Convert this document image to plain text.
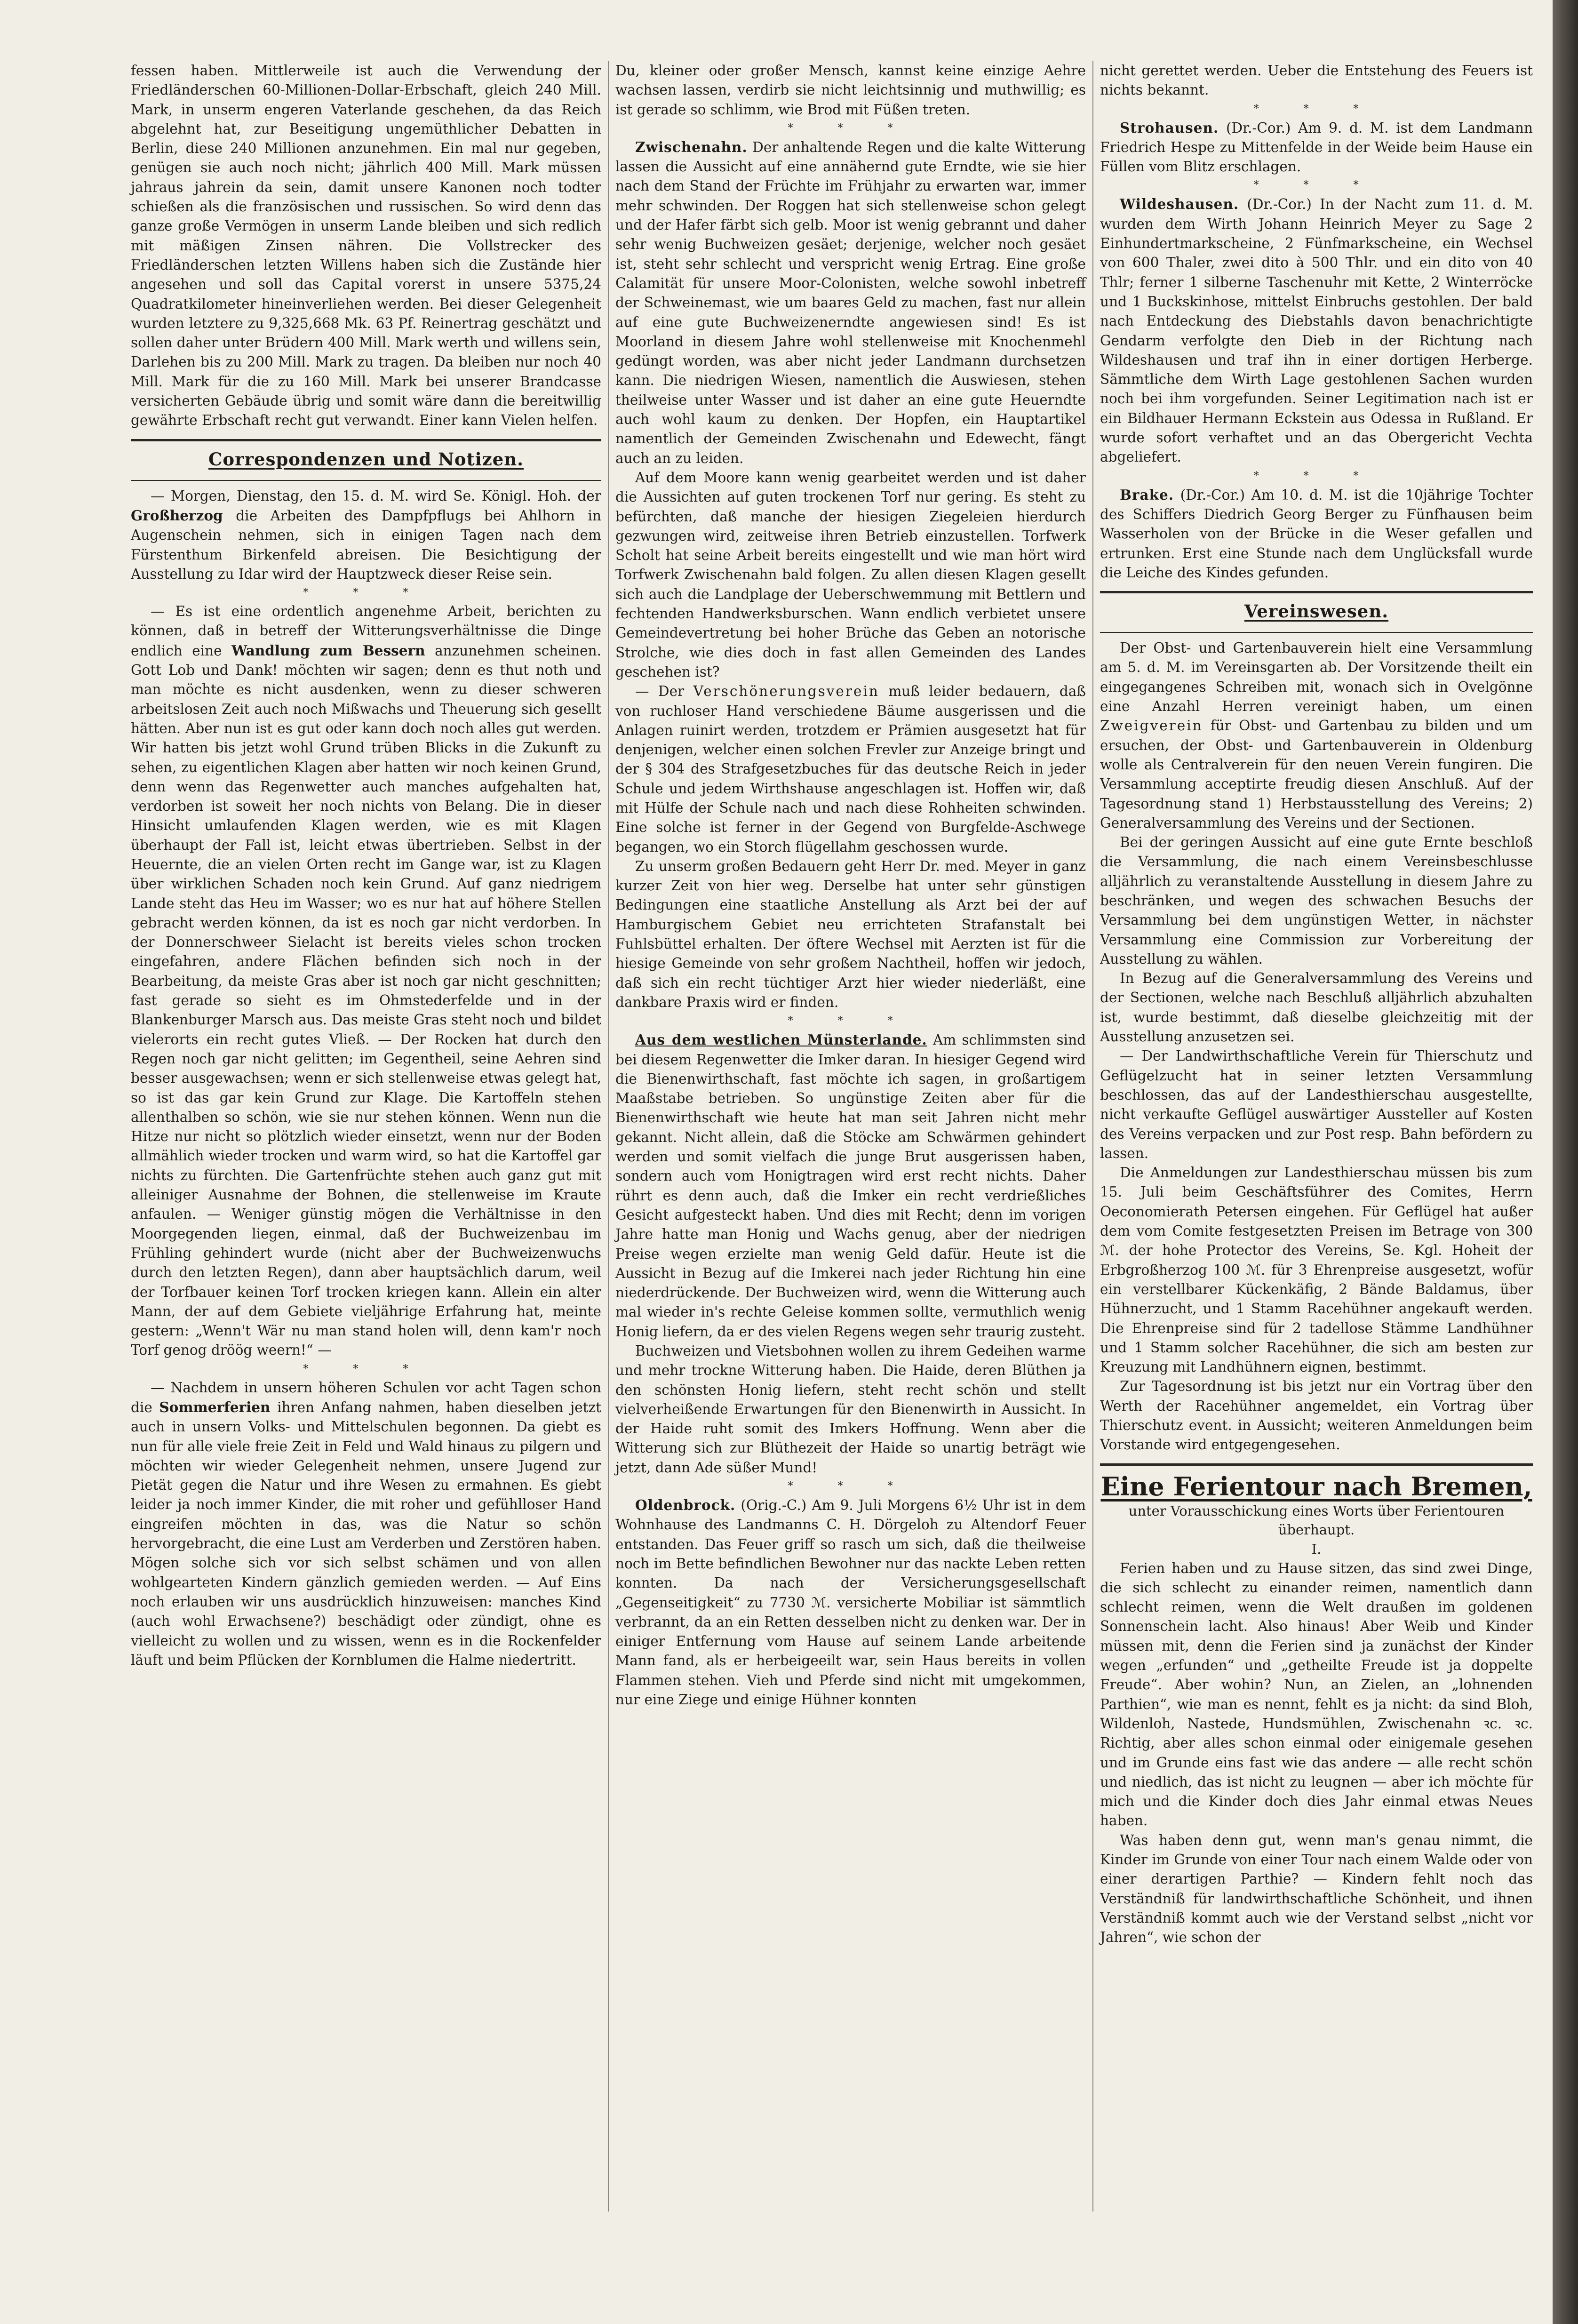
fessen haben. Mittlerweile ist auch die Verwendung der Friedländerschen 60-Millionen-Dollar-Erbschaft, gleich 240 Mill. Mark, in unserm engeren Vaterlande geschehen, da das Reich abgelehnt hat, zur Beseitigung ungemüthlicher Debatten in Berlin, diese 240 Millionen anzunehmen. Ein mal nur gegeben, genügen sie auch noch nicht; jährlich 400 Mill. Mark müssen jahraus jahrein da sein, damit unsere Kanonen noch todter schießen als die französischen und russischen. So wird denn das ganze große Vermögen in unserm Lande bleiben und sich redlich mit mäßigen Zinsen nähren. Die Vollstrecker des Friedländerschen letzten Willens haben sich die Zustände hier angesehen und soll das Capital vorerst in unsere 5375,24 Quadratkilometer hineinverliehen werden. Bei dieser Gelegenheit wurden letztere zu 9,325,668 Mk. 63 Pf. Reinertrag geschätzt und sollen daher unter Brüdern 400 Mill. Mark werth und willens sein, Darlehen bis zu 200 Mill. Mark zu tragen. Da bleiben nur noch 40 Mill. Mark für die zu 160 Mill. Mark bei unserer Brandcasse versicherten Gebäude übrig und somit wäre dann die bereitwillig gewährte Erbschaft recht gut verwandt. Einer kann Vielen helfen.

Correspondenzen und Notizen.

— Morgen, Dienstag, den 15. d. M. wird Se. Königl. Hoh. der Großherzog die Arbeiten des Dampfpflugs bei Ahlhorn in Augenschein nehmen, sich in einigen Tagen nach dem Fürstenthum Birkenfeld abreisen. Die Besichtigung der Ausstellung zu Idar wird der Hauptzweck dieser Reise sein.

* * *

— Es ist eine ordentlich angenehme Arbeit, berichten zu können, daß in betreff der Witterungsverhältnisse die Dinge endlich eine Wandlung zum Bessern anzunehmen scheinen. Gott Lob und Dank! möchten wir sagen; denn es thut noth und man möchte es nicht ausdenken, wenn zu dieser schweren arbeitslosen Zeit auch noch Mißwachs und Theuerung sich gesellt hätten. Aber nun ist es gut oder kann doch noch alles gut werden. Wir hatten bis jetzt wohl Grund trüben Blicks in die Zukunft zu sehen, zu eigentlichen Klagen aber hatten wir noch keinen Grund, denn wenn das Regenwetter auch manches aufgehalten hat, verdorben ist soweit her noch nichts von Belang. Die in dieser Hinsicht umlaufenden Klagen werden, wie es mit Klagen überhaupt der Fall ist, leicht etwas übertrieben. Selbst in der Heuernte, die an vielen Orten recht im Gange war, ist zu Klagen über wirklichen Schaden noch kein Grund. Auf ganz niedrigem Lande steht das Heu im Wasser; wo es nur hat auf höhere Stellen gebracht werden können, da ist es noch gar nicht verdorben. In der Donnerschweer Sielacht ist bereits vieles schon trocken eingefahren, andere Flächen befinden sich noch in der Bearbeitung, da meiste Gras aber ist noch gar nicht geschnitten; fast gerade so sieht es im Ohmstederfelde und in der Blankenburger Marsch aus. Das meiste Gras steht noch und bildet vielerorts ein recht gutes Vließ. — Der Rocken hat durch den Regen noch gar nicht gelitten; im Gegentheil, seine Aehren sind besser ausgewachsen; wenn er sich stellenweise etwas gelegt hat, so ist das gar kein Grund zur Klage. Die Kartoffeln stehen allenthalben so schön, wie sie nur stehen können. Wenn nun die Hitze nur nicht so plötzlich wieder einsetzt, wenn nur der Boden allmählich wieder trocken und warm wird, so hat die Kartoffel gar nichts zu fürchten. Die Gartenfrüchte stehen auch ganz gut mit alleiniger Ausnahme der Bohnen, die stellenweise im Kraute anfaulen. — Weniger günstig mögen die Verhältnisse in den Moorgegenden liegen, einmal, daß der Buchweizenbau im Frühling gehindert wurde (nicht aber der Buchweizenwuchs durch den letzten Regen), dann aber hauptsächlich darum, weil der Torfbauer keinen Torf trocken kriegen kann. Allein ein alter Mann, der auf dem Gebiete vieljährige Erfahrung hat, meinte gestern: „Wenn't Wär nu man stand holen will, denn kam'r noch Torf genog dröög weern!“ —

* * *

— Nachdem in unsern höheren Schulen vor acht Tagen schon die Sommerferien ihren Anfang nahmen, haben dieselben jetzt auch in unsern Volks- und Mittelschulen begonnen. Da giebt es nun für alle viele freie Zeit in Feld und Wald hinaus zu pilgern und möchten wir wieder Gelegenheit nehmen, unsere Jugend zur Pietät gegen die Natur und ihre Wesen zu ermahnen. Es giebt leider ja noch immer Kinder, die mit roher und gefühlloser Hand eingreifen möchten in das, was die Natur so schön hervorgebracht, die eine Lust am Verderben und Zerstören haben. Mögen solche sich vor sich selbst schämen und von allen wohlgearteten Kindern gänzlich gemieden werden. — Auf Eins noch erlauben wir uns ausdrücklich hinzuweisen: manches Kind (auch wohl Erwachsene?) beschädigt oder zündigt, ohne es vielleicht zu wollen und zu wissen, wenn es in die Rockenfelder läuft und beim Pflücken der Kornblumen die Halme niedertritt.

Du, kleiner oder großer Mensch, kannst keine einzige Aehre wachsen lassen, verdirb sie nicht leichtsinnig und muthwillig; es ist gerade so schlimm, wie Brod mit Füßen treten.

* * *

Zwischenahn. Der anhaltende Regen und die kalte Witterung lassen die Aussicht auf eine annähernd gute Erndte, wie sie hier nach dem Stand der Früchte im Frühjahr zu erwarten war, immer mehr schwinden. Der Roggen hat sich stellenweise schon gelegt und der Hafer färbt sich gelb. Moor ist wenig gebrannt und daher sehr wenig Buchweizen gesäet; derjenige, welcher noch gesäet ist, steht sehr schlecht und verspricht wenig Ertrag. Eine große Calamität für unsere Moor-Colonisten, welche sowohl inbetreff der Schweinemast, wie um baares Geld zu machen, fast nur allein auf eine gute Buchweizenerndte angewiesen sind! Es ist Moorland in diesem Jahre wohl stellenweise mit Knochenmehl gedüngt worden, was aber nicht jeder Landmann durchsetzen kann. Die niedrigen Wiesen, namentlich die Auswiesen, stehen theilweise unter Wasser und ist daher an eine gute Heuerndte auch wohl kaum zu denken. Der Hopfen, ein Hauptartikel namentlich der Gemeinden Zwischenahn und Edewecht, fängt auch an zu leiden.

Auf dem Moore kann wenig gearbeitet werden und ist daher die Aussichten auf guten trockenen Torf nur gering. Es steht zu befürchten, daß manche der hiesigen Ziegeleien hierdurch gezwungen wird, zeitweise ihren Betrieb einzustellen. Torfwerk Scholt hat seine Arbeit bereits eingestellt und wie man hört wird Torfwerk Zwischenahn bald folgen. Zu allen diesen Klagen gesellt sich auch die Landplage der Ueberschwemmung mit Bettlern und fechtenden Handwerksburschen. Wann endlich verbietet unsere Gemeindevertretung bei hoher Brüche das Geben an notorische Strolche, wie dies doch in fast allen Gemeinden des Landes geschehen ist?

— Der Verschönerungsverein muß leider bedauern, daß von ruchloser Hand verschiedene Bäume ausgerissen und die Anlagen ruinirt werden, trotzdem er Prämien ausgesetzt hat für denjenigen, welcher einen solchen Frevler zur Anzeige bringt und der § 304 des Strafgesetzbuches für das deutsche Reich in jeder Schule und jedem Wirthshause angeschlagen ist. Hoffen wir, daß mit Hülfe der Schule nach und nach diese Rohheiten schwinden. Eine solche ist ferner in der Gegend von Burgfelde-Aschwege begangen, wo ein Storch flügellahm geschossen wurde.

Zu unserm großen Bedauern geht Herr Dr. med. Meyer in ganz kurzer Zeit von hier weg. Derselbe hat unter sehr günstigen Bedingungen eine staatliche Anstellung als Arzt bei der auf Hamburgischem Gebiet neu errichteten Strafanstalt bei Fuhlsbüttel erhalten. Der öftere Wechsel mit Aerzten ist für die hiesige Gemeinde von sehr großem Nachtheil, hoffen wir jedoch, daß sich ein recht tüchtiger Arzt hier wieder niederläßt, eine dankbare Praxis wird er finden.

* * *

Aus dem westlichen Münsterlande. Am schlimmsten sind bei diesem Regenwetter die Imker daran. In hiesiger Gegend wird die Bienenwirthschaft, fast möchte ich sagen, in großartigem Maaßstabe betrieben. So ungünstige Zeiten aber für die Bienenwirthschaft wie heute hat man seit Jahren nicht mehr gekannt. Nicht allein, daß die Stöcke am Schwärmen gehindert werden und somit vielfach die junge Brut ausgerissen haben, sondern auch vom Honigtragen wird erst recht nichts. Daher rührt es denn auch, daß die Imker ein recht verdrießliches Gesicht aufgesteckt haben. Und dies mit Recht; denn im vorigen Jahre hatte man Honig und Wachs genug, aber der niedrigen Preise wegen erzielte man wenig Geld dafür. Heute ist die Aussicht in Bezug auf die Imkerei nach jeder Richtung hin eine niederdrückende. Der Buchweizen wird, wenn die Witterung auch mal wieder in's rechte Geleise kommen sollte, vermuthlich wenig Honig liefern, da er des vielen Regens wegen sehr traurig zusteht.

Buchweizen und Vietsbohnen wollen zu ihrem Gedeihen warme und mehr trockne Witterung haben. Die Haide, deren Blüthen ja den schönsten Honig liefern, steht recht schön und stellt vielverheißende Erwartungen für den Bienenwirth in Aussicht. In der Haide ruht somit des Imkers Hoffnung. Wenn aber die Witterung sich zur Blüthezeit der Haide so unartig beträgt wie jetzt, dann Ade süßer Mund!

* * *

Oldenbrock. (Orig.-C.) Am 9. Juli Morgens 6½ Uhr ist in dem Wohnhause des Landmanns C. H. Dörgeloh zu Altendorf Feuer entstanden. Das Feuer griff so rasch um sich, daß die theilweise noch im Bette befindlichen Bewohner nur das nackte Leben retten konnten. Da nach der Versicherungsgesellschaft „Gegenseitigkeit“ zu 7730 ℳ. versicherte Mobiliar ist sämmtlich verbrannt, da an ein Retten desselben nicht zu denken war. Der in einiger Entfernung vom Hause auf seinem Lande arbeitende Mann fand, als er herbeigeeilt war, sein Haus bereits in vollen Flammen stehen. Vieh und Pferde sind nicht mit umgekommen, nur eine Ziege und einige Hühner konnten

nicht gerettet werden. Ueber die Entstehung des Feuers ist nichts bekannt.

* * *

Strohausen. (Dr.-Cor.) Am 9. d. M. ist dem Landmann Friedrich Hespe zu Mittenfelde in der Weide beim Hause ein Füllen vom Blitz erschlagen.

* * *

Wildeshausen. (Dr.-Cor.) In der Nacht zum 11. d. M. wurden dem Wirth Johann Heinrich Meyer zu Sage 2 Einhundertmarkscheine, 2 Fünfmarkscheine, ein Wechsel von 600 Thaler, zwei dito à 500 Thlr. und ein dito von 40 Thlr; ferner 1 silberne Taschenuhr mit Kette, 2 Winterröcke und 1 Buckskinhose, mittelst Einbruchs gestohlen. Der bald nach Entdeckung des Diebstahls davon benachrichtigte Gendarm verfolgte den Dieb in der Richtung nach Wildeshausen und traf ihn in einer dortigen Herberge. Sämmtliche dem Wirth Lage gestohlenen Sachen wurden noch bei ihm vorgefunden. Seiner Legitimation nach ist er ein Bildhauer Hermann Eckstein aus Odessa in Rußland. Er wurde sofort verhaftet und an das Obergericht Vechta abgeliefert.

* * *

Brake. (Dr.-Cor.) Am 10. d. M. ist die 10jährige Tochter des Schiffers Diedrich Georg Berger zu Fünfhausen beim Wasserholen von der Brücke in die Weser gefallen und ertrunken. Erst eine Stunde nach dem Unglücksfall wurde die Leiche des Kindes gefunden.

Vereinswesen.

Der Obst- und Gartenbauverein hielt eine Versammlung am 5. d. M. im Vereinsgarten ab. Der Vorsitzende theilt ein eingegangenes Schreiben mit, wonach sich in Ovelgönne eine Anzahl Herren vereinigt haben, um einen Zweigverein für Obst- und Gartenbau zu bilden und um ersuchen, der Obst- und Gartenbauverein in Oldenburg wolle als Centralverein für den neuen Verein fungiren. Die Versammlung acceptirte freudig diesen Anschluß. Auf der Tagesordnung stand 1) Herbstausstellung des Vereins; 2) Generalversammlung des Vereins und der Sectionen.

Bei der geringen Aussicht auf eine gute Ernte beschloß die Versammlung, die nach einem Vereinsbeschlusse alljährlich zu veranstaltende Ausstellung in diesem Jahre zu beschränken, und wegen des schwachen Besuchs der Versammlung bei dem ungünstigen Wetter, in nächster Versammlung eine Commission zur Vorbereitung der Ausstellung zu wählen.

In Bezug auf die Generalversammlung des Vereins und der Sectionen, welche nach Beschluß alljährlich abzuhalten ist, wurde bestimmt, daß dieselbe gleichzeitig mit der Ausstellung anzusetzen sei.

— Der Landwirthschaftliche Verein für Thierschutz und Geflügelzucht hat in seiner letzten Versammlung beschlossen, das auf der Landesthierschau ausgestellte, nicht verkaufte Geflügel auswärtiger Aussteller auf Kosten des Vereins verpacken und zur Post resp. Bahn befördern zu lassen.

Die Anmeldungen zur Landesthierschau müssen bis zum 15. Juli beim Geschäftsführer des Comites, Herrn Oeconomierath Petersen eingehen. Für Geflügel hat außer dem vom Comite festgesetzten Preisen im Betrage von 300 ℳ. der hohe Protector des Vereins, Se. Kgl. Hoheit der Erbgroßherzog 100 ℳ. für 3 Ehrenpreise ausgesetzt, wofür ein verstellbarer Kückenkäfig, 2 Bände Baldamus, über Hühnerzucht, und 1 Stamm Racehühner angekauft werden. Die Ehrenpreise sind für 2 tadellose Stämme Landhühner und 1 Stamm solcher Racehühner, die sich am besten zur Kreuzung mit Landhühnern eignen, bestimmt.

Zur Tagesordnung ist bis jetzt nur ein Vortrag über den Werth der Racehühner angemeldet, ein Vortrag über Thierschutz event. in Aussicht; weiteren Anmeldungen beim Vorstande wird entgegengesehen.

Eine Ferientour nach Bremen,
unter Vorausschickung eines Worts über Ferientouren überhaupt.
I.

Ferien haben und zu Hause sitzen, das sind zwei Dinge, die sich schlecht zu einander reimen, namentlich dann schlecht reimen, wenn die Welt draußen im goldenen Sonnenschein lacht. Also hinaus! Aber Weib und Kinder müssen mit, denn die Ferien sind ja zunächst der Kinder wegen „erfunden“ und „getheilte Freude ist ja doppelte Freude“. Aber wohin? Nun, an Zielen, an „lohnenden Parthien“, wie man es nennt, fehlt es ja nicht: da sind Bloh, Wildenloh, Nastede, Hundsmühlen, Zwischenahn ꝛc. ꝛc. Richtig, aber alles schon einmal oder einigemale gesehen und im Grunde eins fast wie das andere — alle recht schön und niedlich, das ist nicht zu leugnen — aber ich möchte für mich und die Kinder doch dies Jahr einmal etwas Neues haben.

Was haben denn gut, wenn man's genau nimmt, die Kinder im Grunde von einer Tour nach einem Walde oder von einer derartigen Parthie? — Kindern fehlt noch das Verständniß für landwirthschaftliche Schönheit, und ihnen Verständniß kommt auch wie der Verstand selbst „nicht vor Jahren“, wie schon der
